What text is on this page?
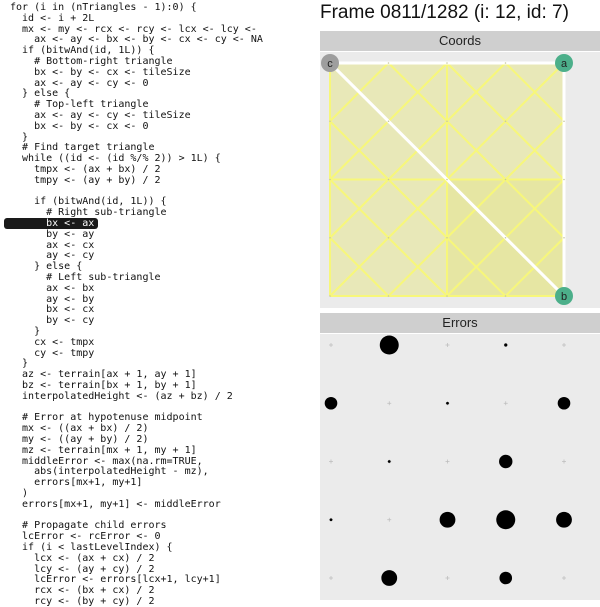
for (i in (nTriangles - 1):0) {
id <- i + 2L
mx <- my <- rcx <- rcy <- lcx <- lcy <-
ax <- ay <- bx <- by <- cx <- cy <- NA
if (bitwAnd(id, 1L)) {
# Bottom-right triangle
bx <- by <- cx <- tileSize
ax <- ay <- cy <- 0
} else {
# Top-left triangle
ax <- ay <- cy <- tileSize
bx <- by <- cx <- 0
}
# Find target triangle
while ((id <- (id %/% 2)) > 1L) {
tmpx <- (ax + bx) / 2
tmpy <- (ay + by) / 2
if (bitwAnd(id, 1L)) {
# Right sub-triangle
bx <- ax
by <- ay
ax <- cx
ay <- cy
} else {
# Left sub-triangle
ax <- bx
ay <- by
bx <- cx
by <- cy
}
cx <- tmpx
cy <- tmpy
}
az <- terrain[ax + 1, ay + 1]
bz <- terrain[bx + 1, by + 1]
interpolatedHeight <- (az + bz) / 2
# Error at hypotenuse midpoint
mx <- ((ax + bx) / 2)
my <- ((ay + by) / 2)
mz <- terrain[mx + 1, my + 1]
middleError <- max(na.rm=TRUE,
abs(interpolatedHeight - mz),
errors[mx+1, my+1]
)
errors[mx+1, my+1] <- middleError
# Propagate child errors
lcError <- rcError <- 0
if (i < lastLevelIndex) {
lcx <- (ax + cx) / 2
lcy <- (ay + cy) / 2
lcError <- errors[lcx+1, lcy+1]
rcx <- (bx + cx) / 2
rcy <- (by + cy) / 2
Frame 0811/1282 (i: 12, id: 7)
Coords
a
b
c
Errors
